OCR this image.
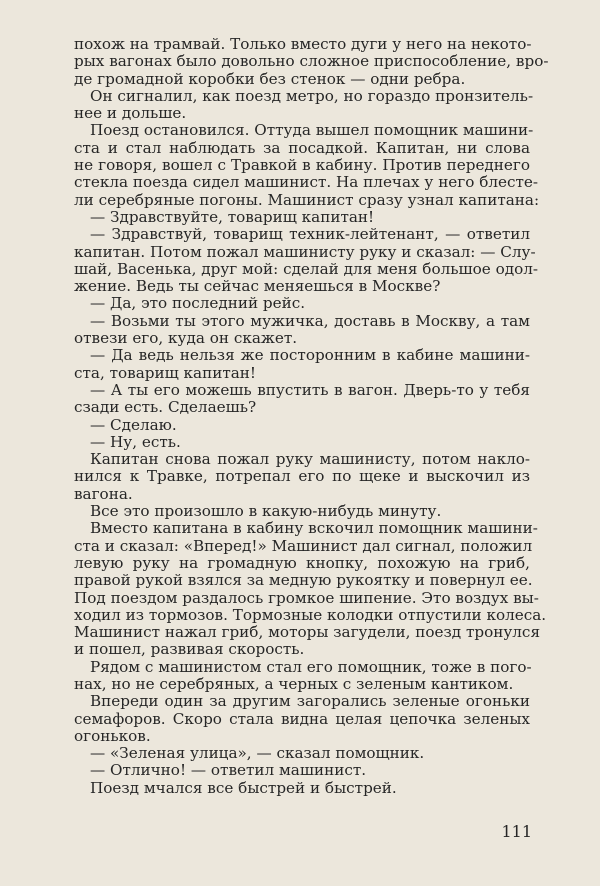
похож на трамвай. Только вместо дуги у него на некото-
рых вагонах было довольно сложное приспособление, вро-
де громадной коробки без стенок — одни ребра.
Он сигналил, как поезд метро, но гораздо пронзитель-
нее и дольше.
Поезд остановился. Оттуда вышел помощник машини-
ста и стал наблюдать за посадкой. Капитан, ни слова
не говоря, вошел с Травкой в кабину. Против переднего
стекла поезда сидел машинист. На плечах у него блесте-
ли серебряные погоны. Машинист сразу узнал капитана:
— Здравствуйте, товарищ капитан!
— Здравствуй, товарищ техник-лейтенант, — ответил
капитан. Потом пожал машинисту руку и сказал: — Слу-
шай, Васенька, друг мой: сделай для меня большое одол-
жение. Ведь ты сейчас меняешься в Москве?
— Да, это последний рейс.
— Возьми ты этого мужичка, доставь в Москву, а там
отвези его, куда он скажет.
— Да ведь нельзя же посторонним в кабине машини-
ста, товарищ капитан!
— А ты его можешь впустить в вагон. Дверь-то у тебя
сзади есть. Сделаешь?
— Сделаю.
— Ну, есть.
Капитан снова пожал руку машинисту, потом накло-
нился к Травке, потрепал его по щеке и выскочил из
вагона.
Все это произошло в какую-нибудь минуту.
Вместо капитана в кабину вскочил помощник машини-
ста и сказал: «Вперед!» Машинист дал сигнал, положил
левую руку на громадную кнопку, похожую на гриб,
правой рукой взялся за медную рукоятку и повернул ее.
Под поездом раздалось громкое шипение. Это воздух вы-
ходил из тормозов. Тормозные колодки отпустили колеса.
Машинист нажал гриб, моторы загудели, поезд тронулся
и пошел, развивая скорость.
Рядом с машинистом стал его помощник, тоже в пого-
нах, но не серебряных, а черных с зеленым кантиком.
Впереди один за другим загорались зеленые огоньки
семафоров. Скоро стала видна целая цепочка зеленых
огоньков.
— «Зеленая улица», — сказал помощник.
— Отлично! — ответил машинист.
Поезд мчался все быстрей и быстрей.
111
